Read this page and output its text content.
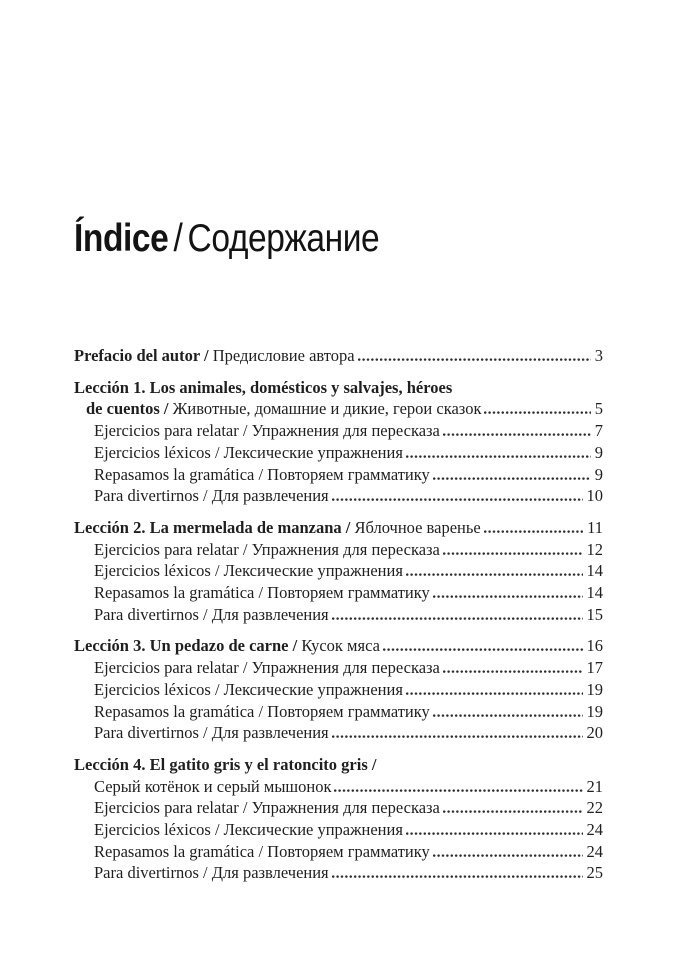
Índice / Содержание
Prefacio del autor / Предисловие автора	3
Lección 1. Los animales, domésticos y salvajes, héroes
de cuentos / Животные, домашние и дикие, герои сказок	5
Ejercicios para relatar / Упражнения для пересказа	7
Ejercicios léxicos / Лексические упражнения	9
Repasamos la gramática / Повторяем грамматику	9
Para divertirnos / Для развлечения	10
Lección 2. La mermelada de manzana / Яблочное варенье	11
Ejercicios para relatar / Упражнения для пересказа	12
Ejercicios léxicos / Лексические упражнения	14
Repasamos la gramática / Повторяем грамматику	14
Para divertirnos / Для развлечения	15
Lección 3. Un pedazo de carne / Кусок мяса	16
Ejercicios para relatar / Упражнения для пересказа	17
Ejercicios léxicos / Лексические упражнения	19
Repasamos la gramática / Повторяем грамматику	19
Para divertirnos / Для развлечения	20
Lección 4. El gatito gris y el ratoncito gris /
Серый котёнок и серый мышонок	21
Ejercicios para relatar / Упражнения для пересказа	22
Ejercicios léxicos / Лексические упражнения	24
Repasamos la gramática / Повторяем грамматику	24
Para divertirnos / Для развлечения	25
